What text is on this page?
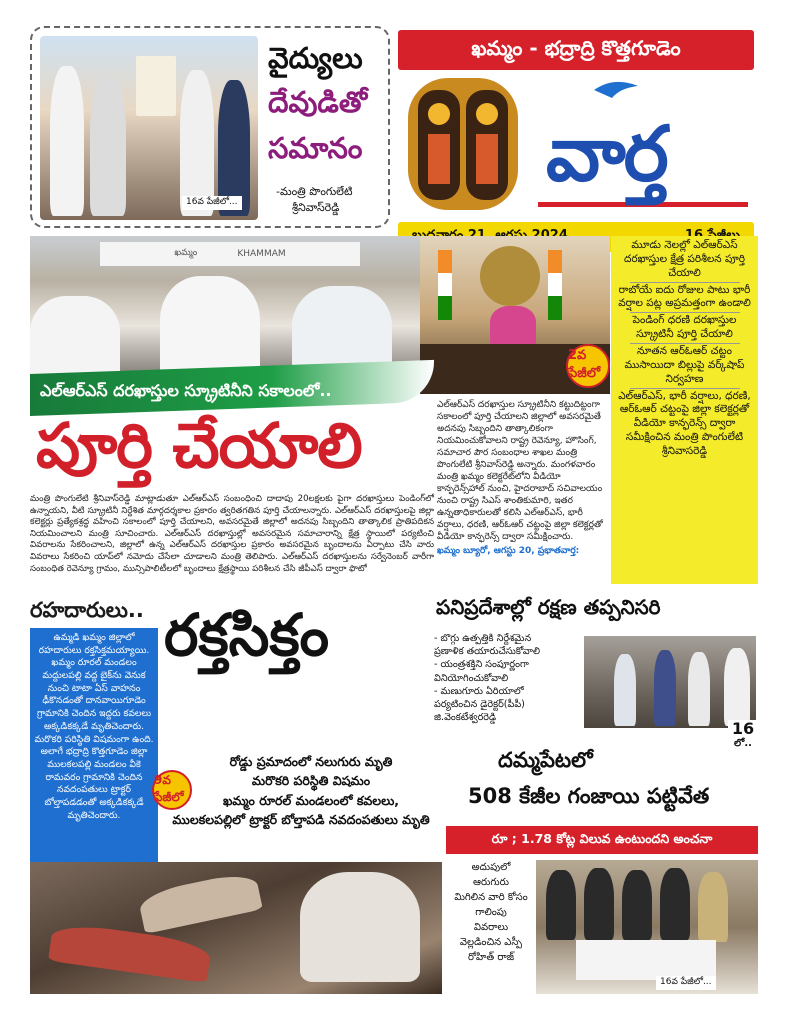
16వ పేజీలో...
వైద్యులు
దేవుడితో
సమానం
-మంత్రి పొంగులేటి
శ్రీనివాస్‌రెడ్డి
ఖమ్మం - భద్రాద్రి కొత్తగూడెం
వార్త
ఖమ్మం	KHAMMAM
2వ పేజీలో
ఎల్‌ఆర్‌ఎస్ దరఖాస్తుల స్క్రూటినీని సకాలంలో..
పూర్తి చేయాలి
మంత్రి పొంగులేటి శ్రీనివాస్‌రెడ్డి మాట్లాడుతూ ఎల్‌ఆర్‌ఎస్ సంబంధించి దాదాపు 20లక్షలకు పైగా దరఖాస్తులు పెండింగ్‌లో ఉన్నాయని, వీటి స్క్రూటినీ నిర్దేశిత మార్గదర్శకాల ప్రకారం త్వరితగతిన పూర్తి చేయాలన్నారు. ఎల్‌ఆర్‌ఎస్ దరఖాస్తులపై జిల్లా కలెక్టర్లు ప్రత్యేకశ్రద్ధ వహించి సకాలంలో పూర్తి చేయాలని, అవసరమైతే జిల్లాలో అదనపు సిబ్బందిని తాత్కాలిక ప్రాతిపదికన నియమించాలని మంత్రి సూచించారు. ఎల్‌ఆర్‌ఎస్ దరఖాస్తుల్లో అవసరమైన సమాచారాన్ని క్షేత్ర స్థాయిలో పర్యటించి వివరాలను సేకరించాలని, జిల్లాలో ఉన్న ఎల్‌ఆర్‌ఎస్ దరఖాస్తుల ప్రకారం అవసరమైన బృందాలను ఏర్పాటు చేసి వారు వివరాలు సేకరించి యాప్‌లో నమోదు చేసేలా చూడాలని మంత్రి తెలిపారు. ఎల్‌ఆర్‌ఎస్ దరఖాస్తులను సర్వేనెంబర్ వారీగా సంబంధిత రెవెన్యూ గ్రామం, మున్సిపాలిటీలలో బృందాలు క్షేత్రస్థాయి పరిశీలన చేసి జీపీఎస్ ద్వారా ఫొటో
ఎల్‌ఆర్‌ఎస్ దరఖాస్తుల స్క్రూటినీని కట్టుదిట్టంగా సకాలంలో పూర్తి చేయాలని జిల్లాలో అవసరమైతే అదనపు సిబ్బందిని తాత్కాలికంగా నియమించుకోవాలని రాష్ట్ర రెవెన్యూ, హౌసింగ్, సమాచార పౌర సంబంధాల శాఖల మంత్రి పొంగులేటి శ్రీనివాస్‌రెడ్డి అన్నారు. మంగళవారం మంత్రి ఖమ్మం కలెక్టరేట్‌లోని వీడియో కాన్ఫరెన్స్‌హాల్ నుంచి, హైదరాబాద్ సచివాలయం నుంచి రాష్ట్ర సిఎస్ శాంతికుమారి, ఇతర ఉన్నతాధికారులతో కలిసి ఎల్‌ఆర్‌ఎస్, భారీ వర్షాలు, ధరణి, ఆర్‌ఓఆర్ చట్టంపై జిల్లా కలెక్టర్లతో వీడియో కాన్ఫరెన్స్ ద్వారా సమీక్షించారు.
ఖమ్మం బ్యూరో, ఆగస్టు 20, ప్రభాతవార్త:
మూడు నెలల్లో ఎల్‌ఆర్‌ఎస్ దరఖాస్తుల క్షేత్ర పరిశీలన పూర్తి చేయాలి
రాబోయే ఐదు రోజుల పాటు భారీ వర్షాల పట్ల అప్రమత్తంగా ఉండాలి
పెండింగ్ ధరణి దరఖాస్తుల స్క్రూటినీ పూర్తి చేయాలి
నూతన ఆర్‌ఓఆర్ చట్టం ముసాయిదా బిల్లుపై వర్క్‌షాప్ నిర్వహణ
ఎల్‌ఆర్‌ఎస్, భారీ వర్షాలు, ధరణి, ఆర్‌ఓఆర్ చట్టంపై జిల్లా కలెక్టర్లతో వీడియో కాన్ఫరెన్స్ ద్వారా సమీక్షించిన మంత్రి పొంగులేటి శ్రీనివాసరెడ్డి
రహదారులు..
ఉమ్మడి ఖమ్మం జిల్లాలో రహదారులు రక్తసిక్తమయ్యాయి. ఖమ్మం రూరల్ మండలం మద్దులపల్లి వద్ద బైక్‌ను వెనుక నుంచి టాటా ఏస్ వాహనం ఢీకొనడంతో దానవాయిగూడెం గ్రామానికి చెందిన ఇద్దరు కవలలు అక్కడికక్కడే మృతిచెందారు. మరొకరి పరిస్థితి విషమంగా ఉంది. అలాగే భద్రాద్రి కొత్తగూడెం జిల్లా ములకలపల్లి మండలం వీకె రామవరం గ్రామానికి చెందిన నవదంపతులు ట్రాక్టర్ బోల్తాపడడంతో అక్కడికక్కడే మృతిచెందారు.
రక్తసిక్తం
9వ పేజీలో
రోడ్డు ప్రమాదంలో నలుగురు మృతి
మరొకరి పరిస్థితి విషమం
ఖమ్మం రూరల్ మండలంలో కవలలు,
ములకలపల్లిలో ట్రాక్టర్ బోల్తాపడి నవదంపతులు మృతి
పనిప్రదేశాల్లో రక్షణ తప్పనిసరి
- బొగ్గు ఉత్పత్తికి నిర్దేశమైన
ప్రణాళిక తయారుచేసుకోవాలి
- యంత్రశక్తిని సంపూర్ణంగా
వినియోగించుకోవాలి
- మణుగూరు ఏరియాలో
పర్యటించిన డైరెక్టర్(పీపీ)
జి.వెంకటేశ్వరరెడ్డి
16
లో..
దమ్మపేటలో
508 కేజీల గంజాయి పట్టివేత
రూ ; 1.78 కోట్ల విలువ ఉంటుందని అంచనా
అదుపులో
ఆరుగురు
మిగిలిన వారి కోసం
గాలింపు
వివరాలు
వెల్లడించిన ఎస్పీ
రోహిత్ రాజ్
16వ పేజీలో...
